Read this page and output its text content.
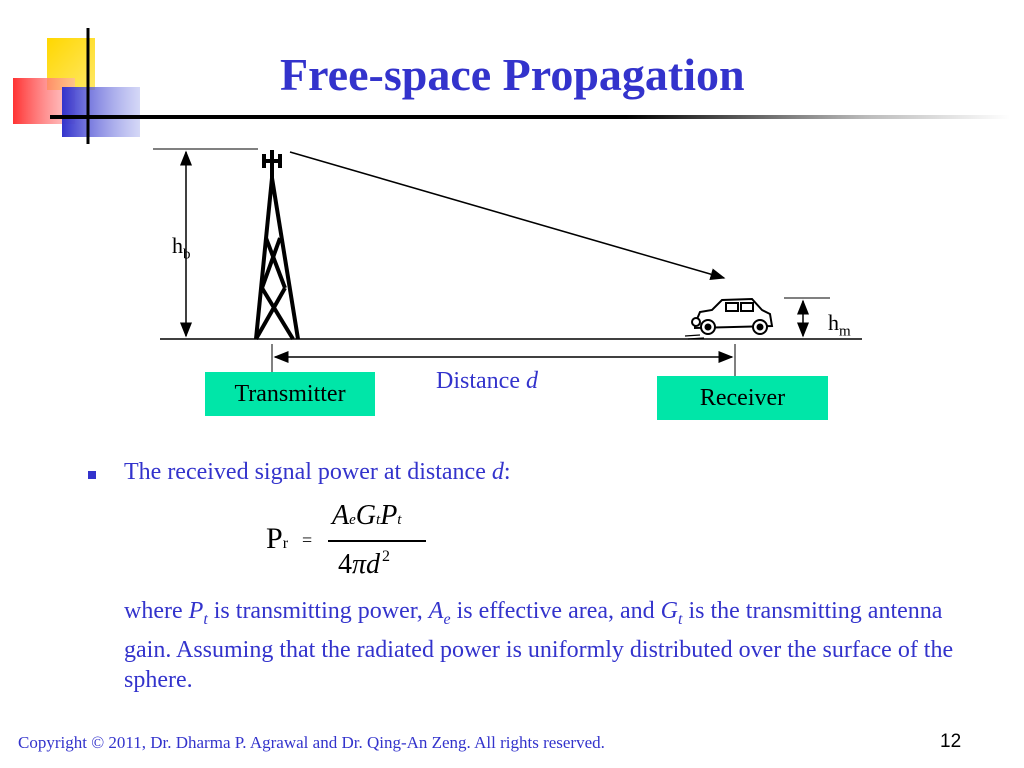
Free-space Propagation
$h_b$
$h_m$
Distance d
Transmitter	Receiver
The received signal power at distance d:
Pr =
AeGtPt
4πd $^2$
where $P_t$ is transmitting power, $A_e$ is effective area, and $G_t$ is the transmitting antenna gain. Assuming that the radiated power is uniformly distributed over the surface of the sphere.
Copyright © 2011, Dr. Dharma P. Agrawal and Dr. Qing-An Zeng. All rights reserved.	12
